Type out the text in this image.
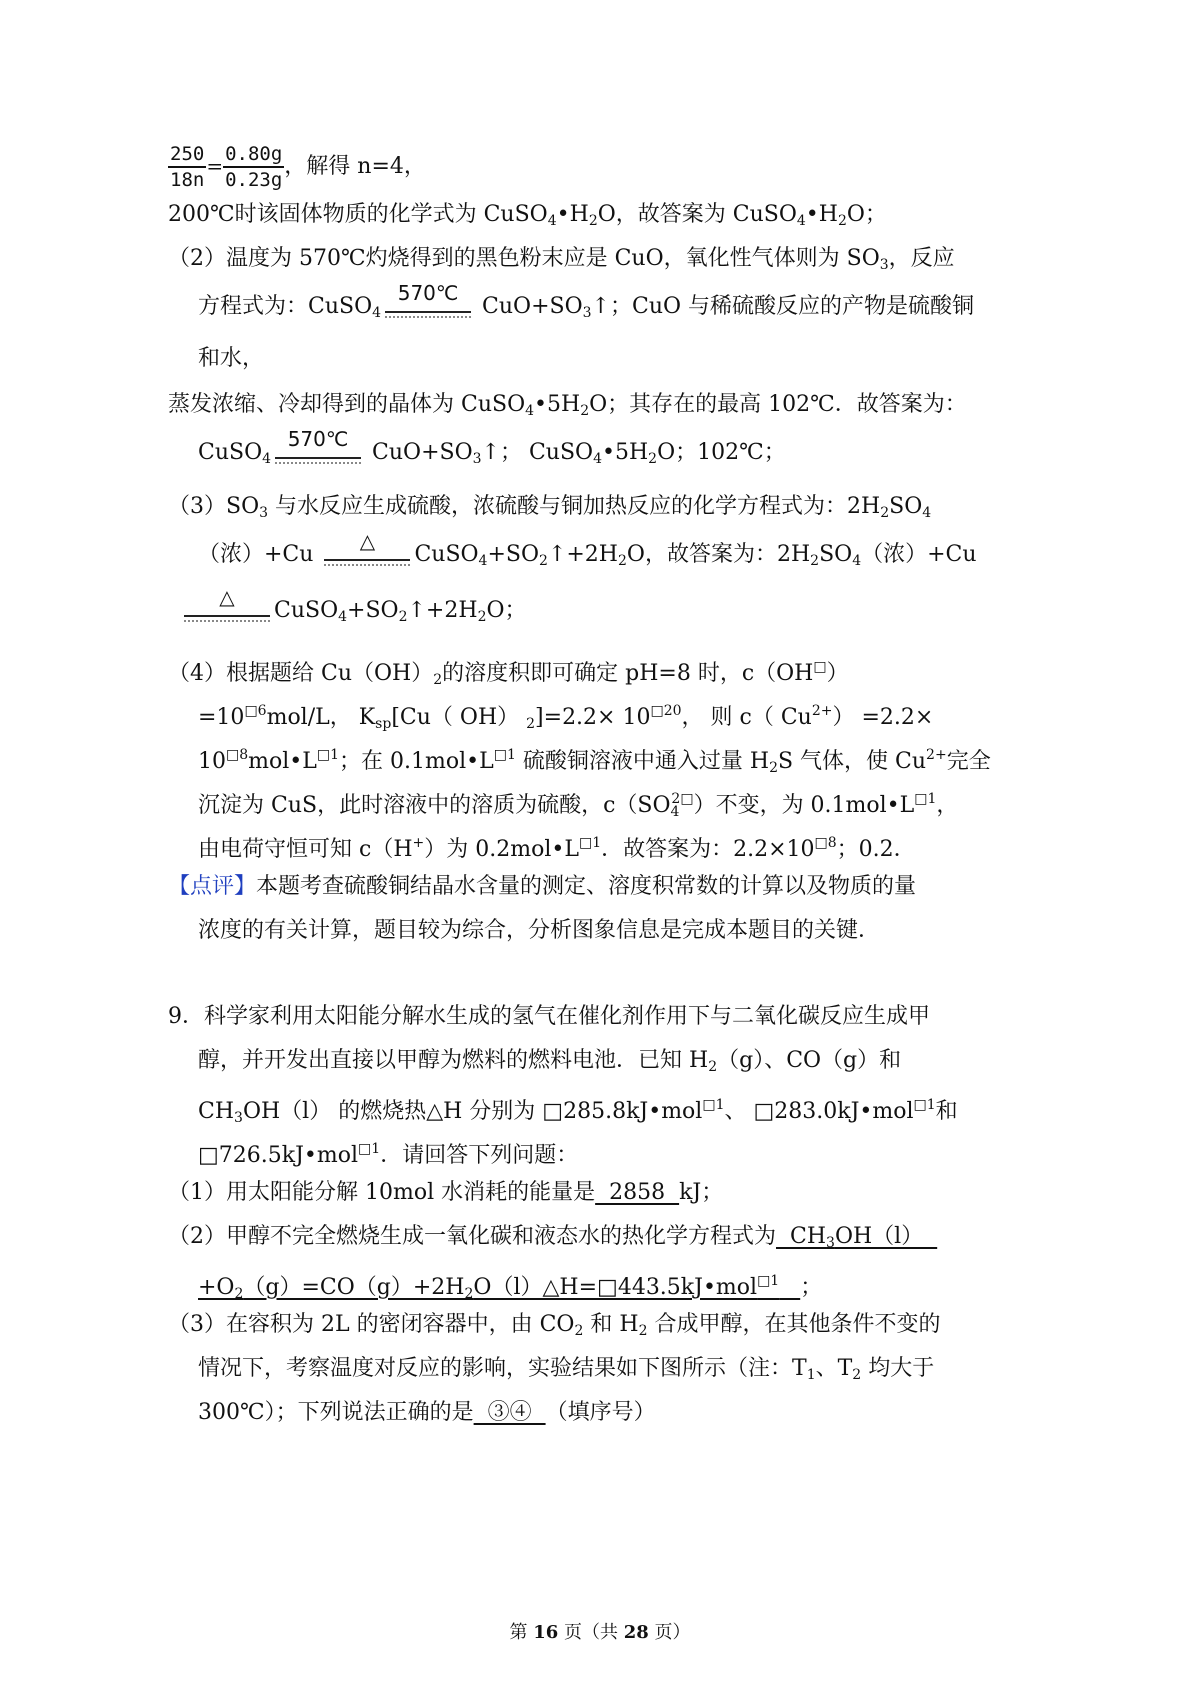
$\frac{250}{18n} = \frac{0.80g}{0.23g}$ ，解得 n=4，
200℃时该固体物质的化学式为 CuSO4•H2O，故答案为 CuSO4•H2O；
（2）温度为 570℃灼烧得到的黑色粉末应是 CuO，氧化性气体则为 SO3，反应
方程式为：CuSO4
570℃
CuO+SO3↑；CuO 与稀硫酸反应的产物是硫酸铜
和水，
蒸发浓缩、冷却得到的晶体为 CuSO4•5H2O；其存在的最高 102℃．故答案为：
CuSO4
570℃
CuO+SO3↑； CuSO4•5H2O；102℃；
（3）SO3 与水反应生成硫酸，浓硫酸与铜加热反应的化学方程式为：2H2SO4
（浓）+Cu
△
CuSO4+SO2↑+2H2O，故答案为：2H2SO4（浓）+Cu
△
CuSO4+SO2↑+2H2O；
（4）根据题给 Cu（OH）2的溶度积即可确定 pH=8 时，c（OH□）
$=10^{□6}mol/L$， Ksp[Cu（ OH） $2]=2.2\times 10^{□20}$， 则 c（ $Cu^{2+}) =2.2\times$
$10^{□8}mol•L^{□1}$；在 $0.1mol•L^{□1}$ 硫酸铜溶液中通入过量 H2S 气体，使 $Cu^{2+}$完全
沉淀为 CuS，此时溶液中的溶质为硫酸，$c(SO4^{2□})$不变，为 $0.1mol•L^{□1}$，
由电荷守恒可知 c（H+）为 $0.2mol•L^{□1}$．故答案为：$2.2\times 10^{□8}$；0.2．
【点评】本题考查硫酸铜结晶水含量的测定、溶度积常数的计算以及物质的量
浓度的有关计算，题目较为综合，分析图象信息是完成本题目的关键．
9．科学家利用太阳能分解水生成的氢气在催化剂作用下与二氧化碳反应生成甲
醇，并开发出直接以甲醇为燃料的燃料电池．已知 H2（g）、CO（g）和
CH3OH（l） 的燃烧热△H 分别为 □285.8kJ•mol$^{□1}$、 □283.0kJ•mol$^{□1}$和
□726.5kJ•mol$^{□1}$．请回答下列问题：
（1）用太阳能分解 10mol 水消耗的能量是  2858  kJ；
（2）甲醇不完全燃烧生成一氧化碳和液态水的热化学方程式为  CH3OH（l）
+O2（g）=CO（g）+2H2O（l）△H=□443.5kJ•mol$^{□1}$ ；
（3）在容积为 2L 的密闭容器中，由 CO2 和 H2 合成甲醇，在其他条件不变的
情况下，考察温度对反应的影响，实验结果如下图所示（注：T1、T2 均大于
300℃）；下列说法正确的是  ③④  （填序号）
第 16 页（共 28 页）
